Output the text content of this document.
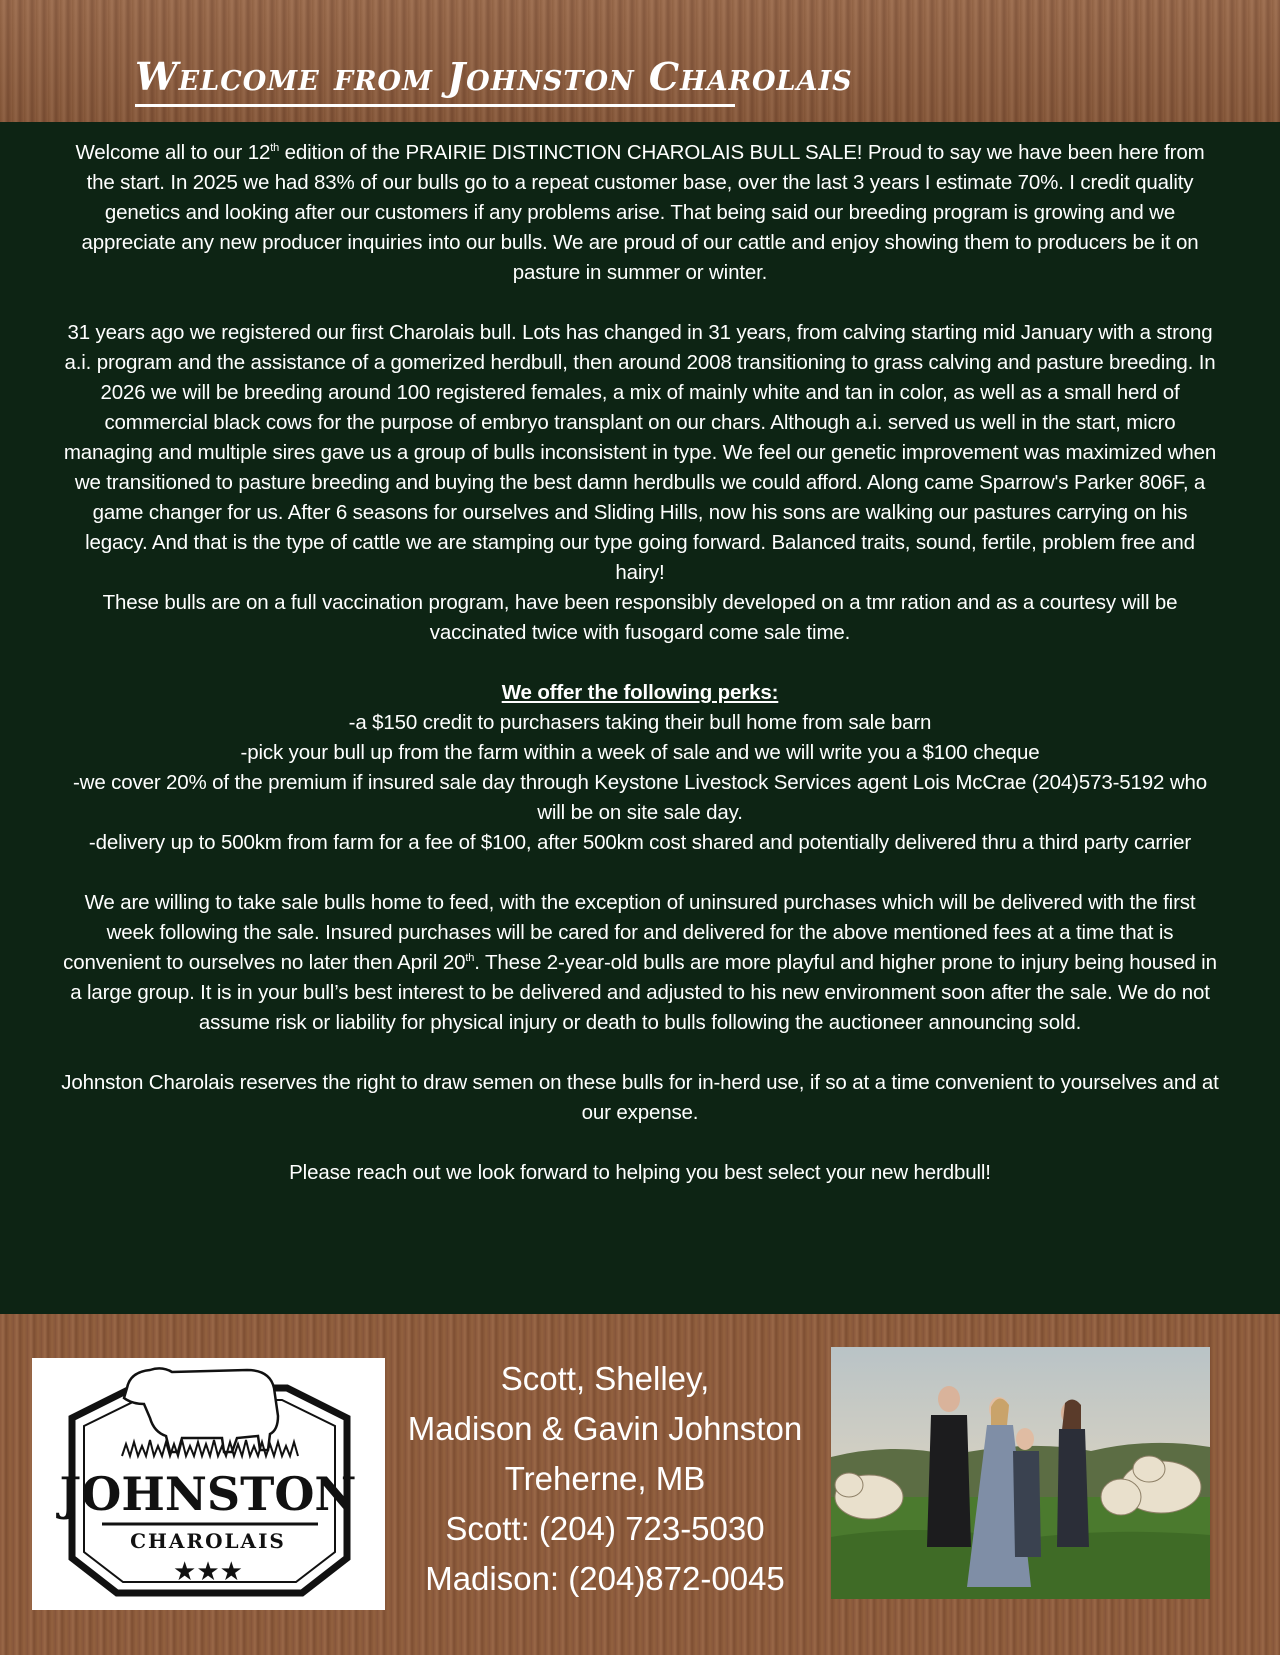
Welcome from Johnston Charolais

Welcome all to our 12th edition of the PRAIRIE DISTINCTION CHAROLAIS BULL SALE! Proud to say we have been here from the start. In 2025 we had 83% of our bulls go to a repeat customer base, over the last 3 years I estimate 70%. I credit quality genetics and looking after our customers if any problems arise. That being said our breeding program is growing and we appreciate any new producer inquiries into our bulls. We are proud of our cattle and enjoy showing them to producers be it on pasture in summer or winter.

31 years ago we registered our first Charolais bull. Lots has changed in 31 years, from calving starting mid January with a strong a.i. program and the assistance of a gomerized herdbull, then around 2008 transitioning to grass calving and pasture breeding. In 2026 we will be breeding around 100 registered females, a mix of mainly white and tan in color, as well as a small herd of commercial black cows for the purpose of embryo transplant on our chars. Although a.i. served us well in the start, micro managing and multiple sires gave us a group of bulls inconsistent in type. We feel our genetic improvement was maximized when we transitioned to pasture breeding and buying the best damn herdbulls we could afford. Along came Sparrow's Parker 806F, a game changer for us. After 6 seasons for ourselves and Sliding Hills, now his sons are walking our pastures carrying on his legacy. And that is the type of cattle we are stamping our type going forward. Balanced traits, sound, fertile, problem free and hairy!

These bulls are on a full vaccination program, have been responsibly developed on a tmr ration and as a courtesy will be vaccinated twice with fusogard come sale time.

We offer the following perks:
-a $150 credit to purchasers taking their bull home from sale barn
-pick your bull up from the farm within a week of sale and we will write you a $100 cheque
-we cover 20% of the premium if insured sale day through Keystone Livestock Services agent Lois McCrae (204)573-5192 who will be on site sale day.
-delivery up to 500km from farm for a fee of $100, after 500km cost shared and potentially delivered thru a third party carrier

We are willing to take sale bulls home to feed, with the exception of uninsured purchases which will be delivered with the first week following the sale. Insured purchases will be cared for and delivered for the above mentioned fees at a time that is convenient to ourselves no later then April 20th. These 2-year-old bulls are more playful and higher prone to injury being housed in a large group. It is in your bull’s best interest to be delivered and adjusted to his new environment soon after the sale. We do not assume risk or liability for physical injury or death to bulls following the auctioneer announcing sold.

Johnston Charolais reserves the right to draw semen on these bulls for in-herd use, if so at a time convenient to yourselves and at our expense.

Please reach out we look forward to helping you best select your new herdbull!

JOHNSTON
CHAROLAIS
★★★
Scott, Shelley,
Madison & Gavin Johnston
Treherne, MB
Scott: (204) 723-5030
Madison: (204)872-0045
